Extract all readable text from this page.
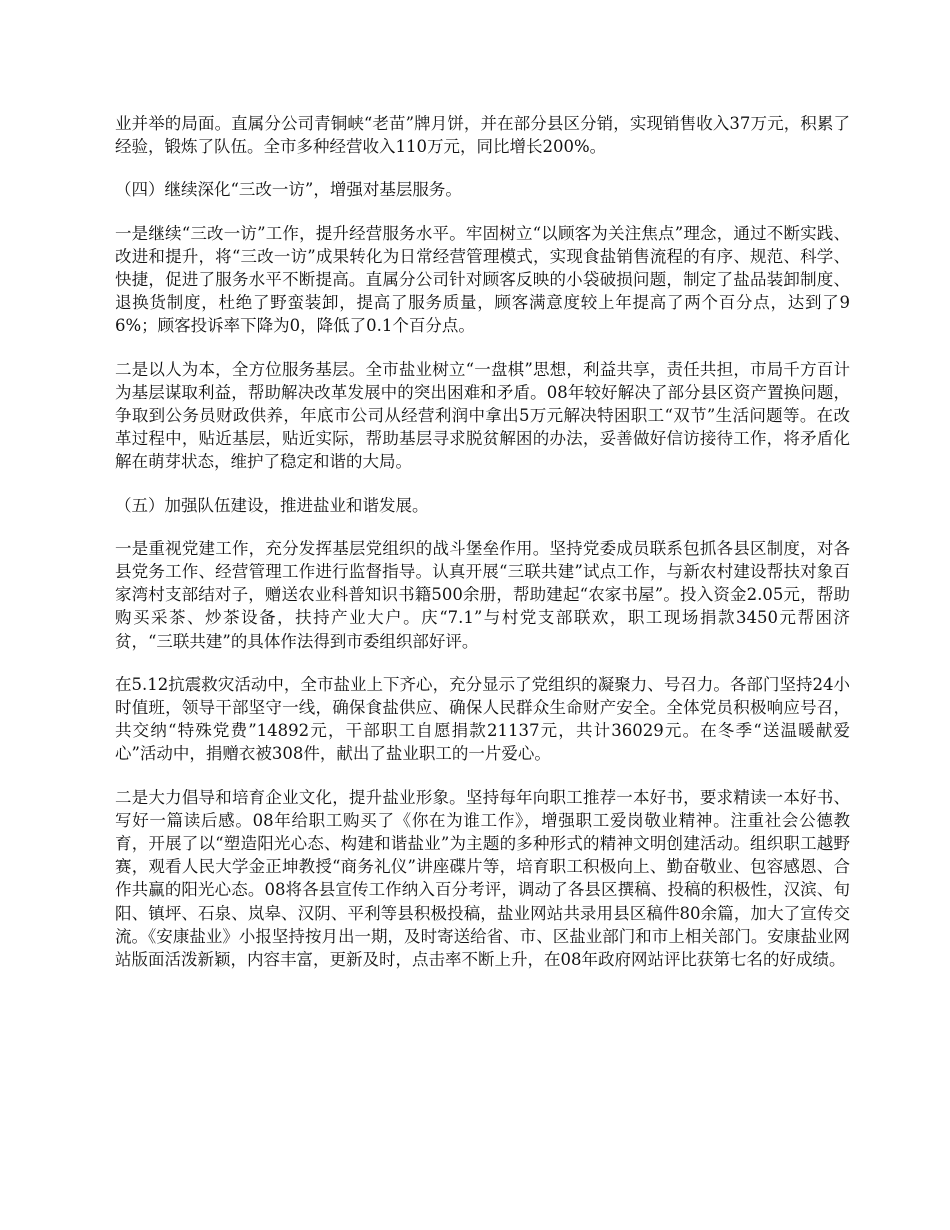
业并举的局面。直属分公司青铜峡“老苗”牌月饼，并在部分县区分销，实现销售收入37万元，积累了经验，锻炼了队伍。全市多种经营收入110万元，同比增长200%。

（四）继续深化“三改一访”，增强对基层服务。

一是继续“三改一访”工作，提升经营服务水平。牢固树立“以顾客为关注焦点”理念，通过不断实践、改进和提升，将“三改一访”成果转化为日常经营管理模式，实现食盐销售流程的有序、规范、科学、快捷，促进了服务水平不断提高。直属分公司针对顾客反映的小袋破损问题，制定了盐品装卸制度、退换货制度，杜绝了野蛮装卸，提高了服务质量，顾客满意度较上年提高了两个百分点，达到了96%；顾客投诉率下降为0，降低了0.1个百分点。

二是以人为本，全方位服务基层。全市盐业树立“一盘棋”思想，利益共享，责任共担，市局千方百计为基层谋取利益，帮助解决改革发展中的突出困难和矛盾。08年较好解决了部分县区资产置换问题，争取到公务员财政供养，年底市公司从经营利润中拿出5万元解决特困职工“双节”生活问题等。在改革过程中，贴近基层，贴近实际，帮助基层寻求脱贫解困的办法，妥善做好信访接待工作，将矛盾化解在萌芽状态，维护了稳定和谐的大局。

（五）加强队伍建设，推进盐业和谐发展。

一是重视党建工作，充分发挥基层党组织的战斗堡垒作用。坚持党委成员联系包抓各县区制度，对各县党务工作、经营管理工作进行监督指导。认真开展“三联共建”试点工作，与新农村建设帮扶对象百家湾村支部结对子，赠送农业科普知识书籍500余册，帮助建起“农家书屋”。投入资金2.05元，帮助购买采茶、炒茶设备，扶持产业大户。庆“7.1”与村党支部联欢，职工现场捐款3450元帮困济贫，“三联共建”的具体作法得到市委组织部好评。

在5.12抗震救灾活动中，全市盐业上下齐心，充分显示了党组织的凝聚力、号召力。各部门坚持24小时值班，领导干部坚守一线，确保食盐供应、确保人民群众生命财产安全。全体党员积极响应号召，共交纳“特殊党费”14892元，干部职工自愿捐款21137元，共计36029元。在冬季“送温暖献爱心”活动中，捐赠衣被308件，献出了盐业职工的一片爱心。

二是大力倡导和培育企业文化，提升盐业形象。坚持每年向职工推荐一本好书，要求精读一本好书、写好一篇读后感。08年给职工购买了《你在为谁工作》，增强职工爱岗敬业精神。注重社会公德教育，开展了以“塑造阳光心态、构建和谐盐业”为主题的多种形式的精神文明创建活动。组织职工越野赛，观看人民大学金正坤教授“商务礼仪”讲座碟片等，培育职工积极向上、勤奋敬业、包容感恩、合作共赢的阳光心态。08将各县宣传工作纳入百分考评，调动了各县区撰稿、投稿的积极性，汉滨、旬阳、镇坪、石泉、岚皋、汉阴、平利等县积极投稿，盐业网站共录用县区稿件80余篇，加大了宣传交流。《安康盐业》小报坚持按月出一期，及时寄送给省、市、区盐业部门和市上相关部门。安康盐业网站版面活泼新颖，内容丰富，更新及时，点击率不断上升，在08年政府网站评比获第七名的好成绩。
